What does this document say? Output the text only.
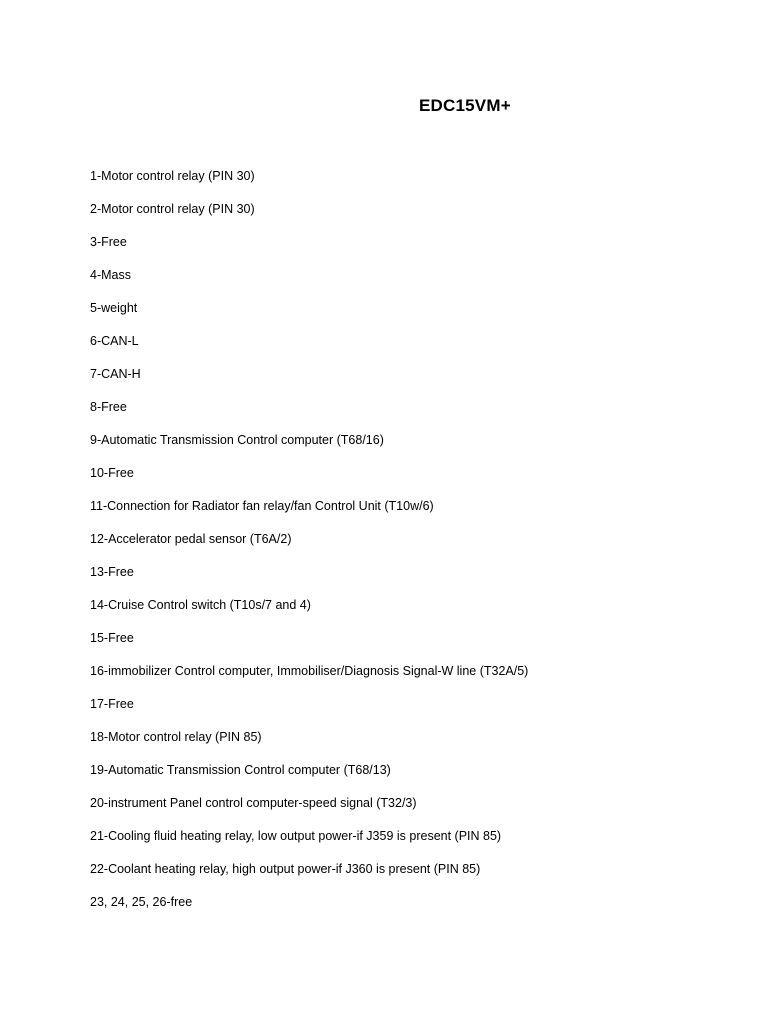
EDC15VM+
1-Motor control relay (PIN 30)
2-Motor control relay (PIN 30)
3-Free
4-Mass
5-weight
6-CAN-L
7-CAN-H
8-Free
9-Automatic Transmission Control computer (T68/16)
10-Free
11-Connection for Radiator fan relay/fan Control Unit (T10w/6)
12-Accelerator pedal sensor (T6A/2)
13-Free
14-Cruise Control switch (T10s/7 and 4)
15-Free
16-immobilizer Control computer, Immobiliser/Diagnosis Signal-W line (T32A/5)
17-Free
18-Motor control relay (PIN 85)
19-Automatic Transmission Control computer (T68/13)
20-instrument Panel control computer-speed signal (T32/3)
21-Cooling fluid heating relay, low output power-if J359 is present (PIN 85)
22-Coolant heating relay, high output power-if J360 is present (PIN 85)
23, 24, 25, 26-free
